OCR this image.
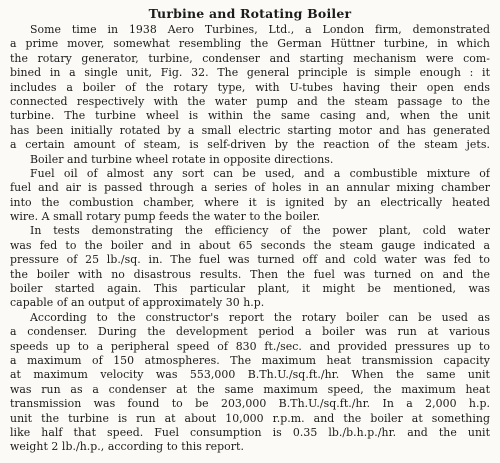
Turbine and Rotating Boiler
Some time in 1938 Aero Turbines, Ltd., a London firm, demonstrated
a prime mover, somewhat resembling the German Hüttner turbine, in which
the rotary generator, turbine, condenser and starting mechanism were com-
bined in a single unit, Fig. 32. The general principle is simple enough : it
includes a boiler of the rotary type, with U-tubes having their open ends
connected respectively with the water pump and the steam passage to the
turbine. The turbine wheel is within the same casing and, when the unit
has been initially rotated by a small electric starting motor and has generated
a certain amount of steam, is self-driven by the reaction of the steam jets.
Boiler and turbine wheel rotate in opposite directions.
Fuel oil of almost any sort can be used, and a combustible mixture of
fuel and air is passed through a series of holes in an annular mixing chamber
into the combustion chamber, where it is ignited by an electrically heated
wire. A small rotary pump feeds the water to the boiler.
In tests demonstrating the efficiency of the power plant, cold water
was fed to the boiler and in about 65 seconds the steam gauge indicated a
pressure of 25 lb./sq. in. The fuel was turned off and cold water was fed to
the boiler with no disastrous results. Then the fuel was turned on and the
boiler started again. This particular plant, it might be mentioned, was
capable of an output of approximately 30 h.p.
According to the constructor's report the rotary boiler can be used as
a condenser. During the development period a boiler was run at various
speeds up to a peripheral speed of 830 ft./sec. and provided pressures up to
a maximum of 150 atmospheres. The maximum heat transmission capacity
at maximum velocity was 553,000 B.Th.U./sq.ft./hr. When the same unit
was run as a condenser at the same maximum speed, the maximum heat
transmission was found to be 203,000 B.Th.U./sq.ft./hr. In a 2,000 h.p.
unit the turbine is run at about 10,000 r.p.m. and the boiler at something
like half that speed. Fuel consumption is 0.35 lb./b.h.p./hr. and the unit
weight 2 lb./h.p., according to this report.
